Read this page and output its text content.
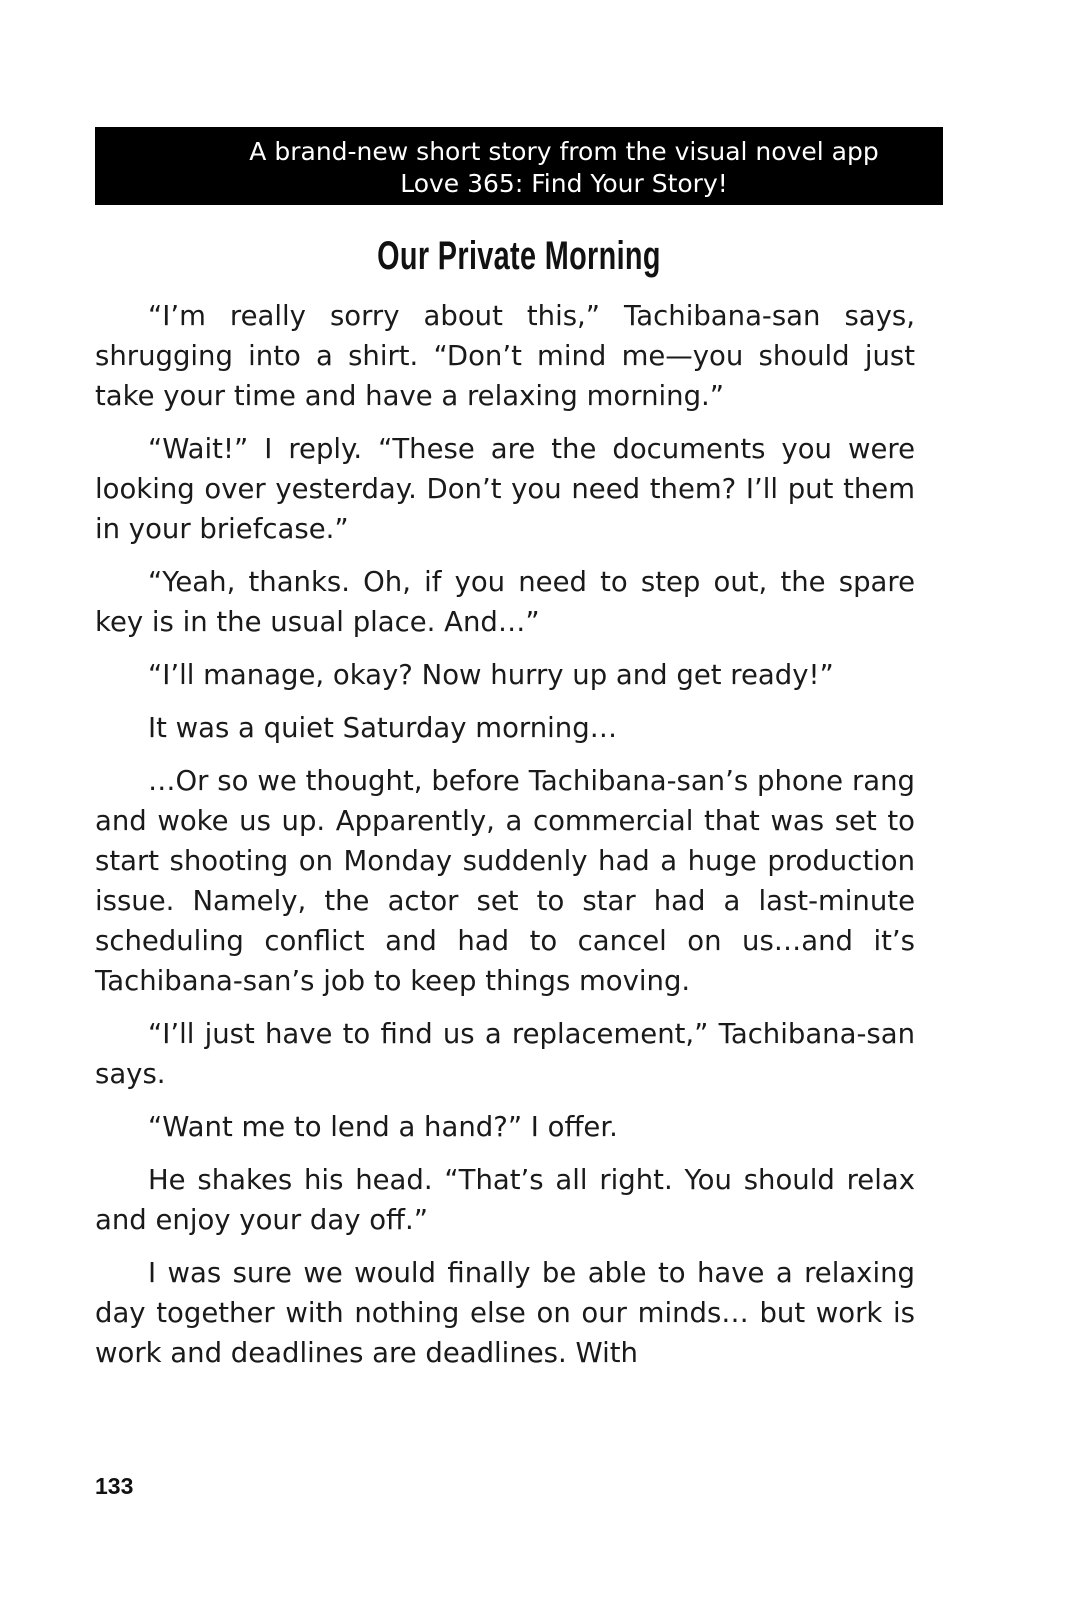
A brand-new short story from the visual novel app
Love 365: Find Your Story!
Our Private Morning

“I’m really sorry about this,” Tachibana-san says, shrugging into a shirt. “Don’t mind me—you should just take your time and have a relaxing morning.”

“Wait!” I reply. “These are the documents you were looking over yesterday. Don’t you need them? I’ll put them in your briefcase.”

“Yeah, thanks. Oh, if you need to step out, the spare key is in the usual place. And…”

“I’ll manage, okay? Now hurry up and get ready!”

It was a quiet Saturday morning…

…Or so we thought, before Tachibana-san’s phone rang and woke us up. Apparently, a commercial that was set to start shooting on Monday suddenly had a huge production issue. Namely, the actor set to star had a last-minute scheduling conflict and had to cancel on us…and it’s Tachibana-san’s job to keep things moving.

“I’ll just have to find us a replacement,” Tachibana-san says.

“Want me to lend a hand?” I offer.

He shakes his head. “That’s all right. You should relax and enjoy your day off.”

I was sure we would finally be able to have a relaxing day together with nothing else on our minds… but work is work and deadlines are deadlines. With

133
